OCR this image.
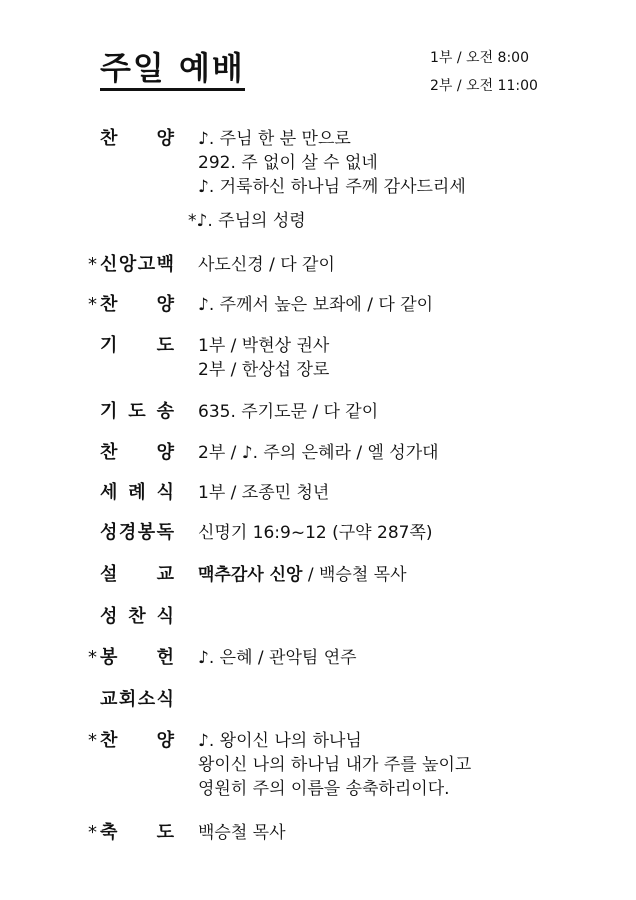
주일 예배	1부 / 오전 8:00
2부 / 오전 11:00
찬 양 ♪. 주님 한 분 만으로
292. 주 없이 살 수 없네
♪. 거룩하신 하나님 주께 감사드리세
*♪. 주님의 성령
* 신 앙 고 백 사도신경 / 다 같이
* 찬 양 ♪. 주께서 높은 보좌에 / 다 같이
기 도 1부 / 박현상 권사
2부 / 한상섭 장로
기 도 송 635. 주기도문 / 다 같이
찬 양 2부 / ♪. 주의 은혜라 / 엘 성가대
세 례 식 1부 / 조종민 청년
성 경 봉 독 신명기 16:9~12 (구약 287쪽)
설 교 맥추감사 신앙 / 백승철 목사
성 찬 식
* 봉 헌 ♪. 은혜 / 관악팀 연주
교 회 소 식
* 찬 양 ♪. 왕이신 나의 하나님
왕이신 나의 하나님 내가 주를 높이고
영원히 주의 이름을 송축하리이다.
* 축 도 백승철 목사
